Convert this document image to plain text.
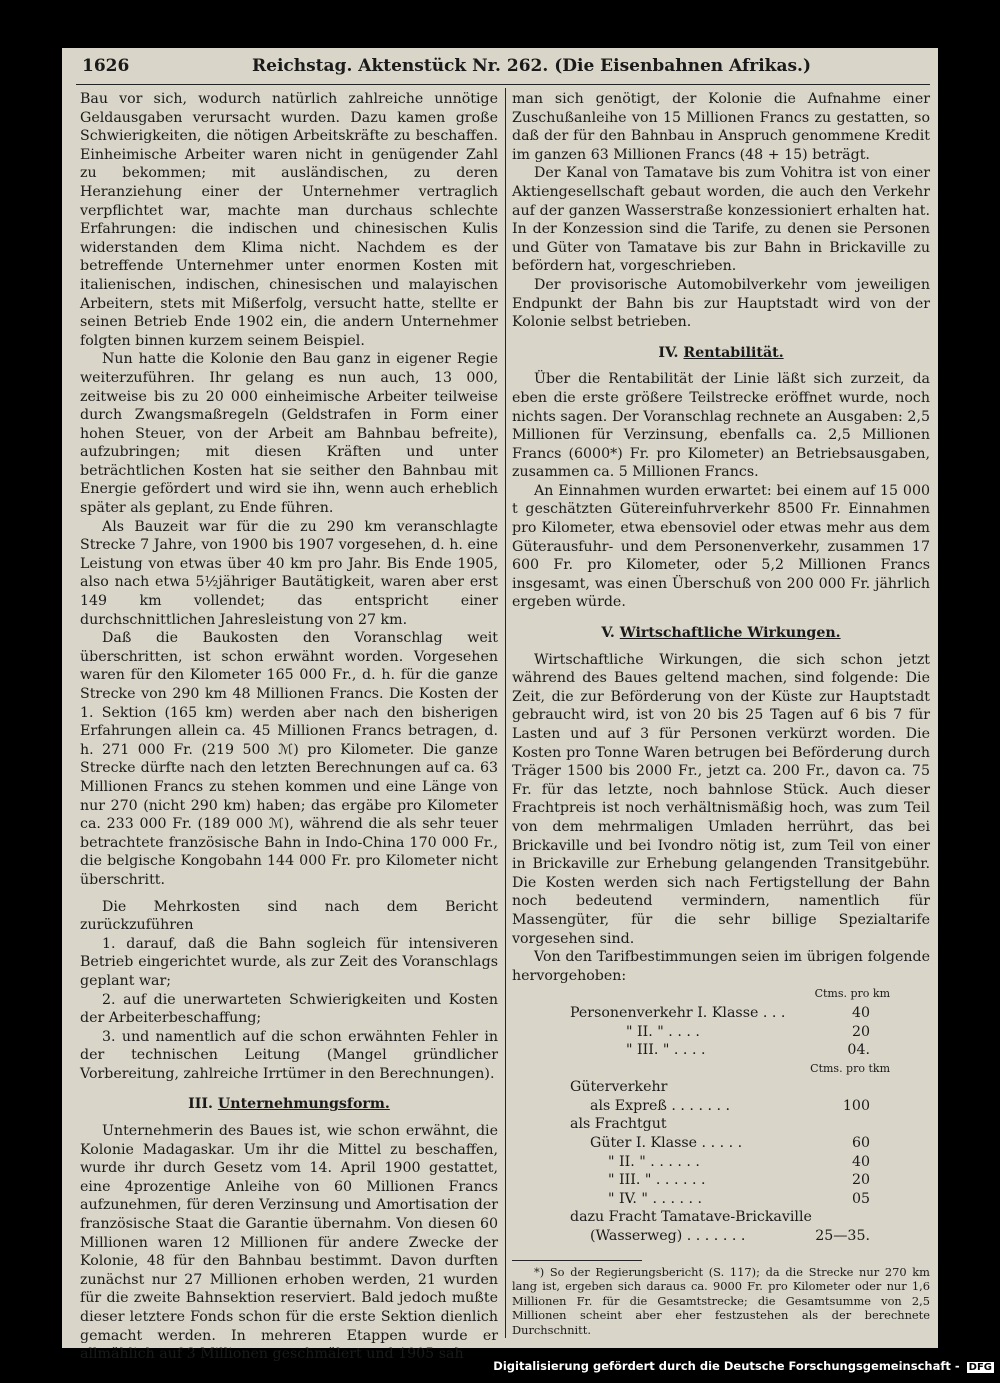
1626	Reichstag. Aktenstück Nr. 262. (Die Eisenbahnen Afrikas.)

Bau vor sich, wodurch natürlich zahlreiche unnötige Geldausgaben verursacht wurden. Dazu kamen große Schwierigkeiten, die nötigen Arbeitskräfte zu beschaffen. Einheimische Arbeiter waren nicht in genügender Zahl zu bekommen; mit ausländischen, zu deren Heranziehung einer der Unternehmer vertraglich verpflichtet war, machte man durchaus schlechte Erfahrungen: die indischen und chinesischen Kulis widerstanden dem Klima nicht. Nachdem es der betreffende Unternehmer unter enormen Kosten mit italienischen, indischen, chinesischen und malayischen Arbeitern, stets mit Mißerfolg, versucht hatte, stellte er seinen Betrieb Ende 1902 ein, die andern Unternehmer folgten binnen kurzem seinem Beispiel.

Nun hatte die Kolonie den Bau ganz in eigener Regie weiterzuführen. Ihr gelang es nun auch, 13 000, zeitweise bis zu 20 000 einheimische Arbeiter teilweise durch Zwangsmaßregeln (Geldstrafen in Form einer hohen Steuer, von der Arbeit am Bahnbau befreite), aufzubringen; mit diesen Kräften und unter beträchtlichen Kosten hat sie seither den Bahnbau mit Energie gefördert und wird sie ihn, wenn auch erheblich später als geplant, zu Ende führen.

Als Bauzeit war für die zu 290 km veranschlagte Strecke 7 Jahre, von 1900 bis 1907 vorgesehen, d. h. eine Leistung von etwas über 40 km pro Jahr. Bis Ende 1905, also nach etwa 5½jähriger Bautätigkeit, waren aber erst 149 km vollendet; das entspricht einer durchschnittlichen Jahresleistung von 27 km.

Daß die Baukosten den Voranschlag weit überschritten, ist schon erwähnt worden. Vorgesehen waren für den Kilometer 165 000 Fr., d. h. für die ganze Strecke von 290 km 48 Millionen Francs. Die Kosten der 1. Sektion (165 km) werden aber nach den bisherigen Erfahrungen allein ca. 45 Millionen Francs betragen, d. h. 271 000 Fr. (219 500 ℳ) pro Kilometer. Die ganze Strecke dürfte nach den letzten Berechnungen auf ca. 63 Millionen Francs zu stehen kommen und eine Länge von nur 270 (nicht 290 km) haben; das ergäbe pro Kilometer ca. 233 000 Fr. (189 000 ℳ), während die als sehr teuer betrachtete französische Bahn in Indo-China 170 000 Fr., die belgische Kongobahn 144 000 Fr. pro Kilometer nicht überschritt.

Die Mehrkosten sind nach dem Bericht zurückzuführen

1. darauf, daß die Bahn sogleich für intensiveren Betrieb eingerichtet wurde, als zur Zeit des Voranschlags geplant war;

2. auf die unerwarteten Schwierigkeiten und Kosten der Arbeiterbeschaffung;

3. und namentlich auf die schon erwähnten Fehler in der technischen Leitung (Mangel gründlicher Vorbereitung, zahlreiche Irrtümer in den Berechnungen).

III. Unternehmungsform.

Unternehmerin des Baues ist, wie schon erwähnt, die Kolonie Madagaskar. Um ihr die Mittel zu beschaffen, wurde ihr durch Gesetz vom 14. April 1900 gestattet, eine 4prozentige Anleihe von 60 Millionen Francs aufzunehmen, für deren Verzinsung und Amortisation der französische Staat die Garantie übernahm. Von diesen 60 Millionen waren 12 Millionen für andere Zwecke der Kolonie, 48 für den Bahnbau bestimmt. Davon durften zunächst nur 27 Millionen erhoben werden, 21 wurden für die zweite Bahnsektion reserviert. Bald jedoch mußte dieser letztere Fonds schon für die erste Sektion dienlich gemacht werden. In mehreren Etappen wurde er allmählich auf 3 Millionen geschmälert und 1905 sah

man sich genötigt, der Kolonie die Aufnahme einer Zuschußanleihe von 15 Millionen Francs zu gestatten, so daß der für den Bahnbau in Anspruch genommene Kredit im ganzen 63 Millionen Francs (48 + 15) beträgt.

Der Kanal von Tamatave bis zum Vohitra ist von einer Aktiengesellschaft gebaut worden, die auch den Verkehr auf der ganzen Wasserstraße konzessioniert erhalten hat. In der Konzession sind die Tarife, zu denen sie Personen und Güter von Tamatave bis zur Bahn in Brickaville zu befördern hat, vorgeschrieben.

Der provisorische Automobilverkehr vom jeweiligen Endpunkt der Bahn bis zur Hauptstadt wird von der Kolonie selbst betrieben.

IV. Rentabilität.

Über die Rentabilität der Linie läßt sich zurzeit, da eben die erste größere Teilstrecke eröffnet wurde, noch nichts sagen. Der Voranschlag rechnete an Ausgaben: 2,5 Millionen für Verzinsung, ebenfalls ca. 2,5 Millionen Francs (6000*) Fr. pro Kilometer) an Betriebsausgaben, zusammen ca. 5 Millionen Francs.

An Einnahmen wurden erwartet: bei einem auf 15 000 t geschätzten Gütereinfuhrverkehr 8500 Fr. Einnahmen pro Kilometer, etwa ebensoviel oder etwas mehr aus dem Güterausfuhr- und dem Personenverkehr, zusammen 17 600 Fr. pro Kilometer, oder 5,2 Millionen Francs insgesamt, was einen Überschuß von 200 000 Fr. jährlich ergeben würde.

V. Wirtschaftliche Wirkungen.

Wirtschaftliche Wirkungen, die sich schon jetzt während des Baues geltend machen, sind folgende: Die Zeit, die zur Beförderung von der Küste zur Hauptstadt gebraucht wird, ist von 20 bis 25 Tagen auf 6 bis 7 für Lasten und auf 3 für Personen verkürzt worden. Die Kosten pro Tonne Waren betrugen bei Beförderung durch Träger 1500 bis 2000 Fr., jetzt ca. 200 Fr., davon ca. 75 Fr. für das letzte, noch bahnlose Stück. Auch dieser Frachtpreis ist noch verhältnismäßig hoch, was zum Teil von dem mehrmaligen Umladen herrührt, das bei Brickaville und bei Ivondro nötig ist, zum Teil von einer in Brickaville zur Erhebung gelangenden Transitgebühr. Die Kosten werden sich nach Fertigstellung der Bahn noch bedeutend vermindern, namentlich für Massengüter, für die sehr billige Spezialtarife vorgesehen sind.

Von den Tarifbestimmungen seien im übrigen folgende hervorgehoben:

Ctms. pro km	
Personenverkehr I. Klasse . . .	40
" II. " . . . .	20
" III. " . . . .	04.
Ctms. pro tkm	
Güterverkehr	
als Expreß . . . . . . .	100
als Frachtgut	
Güter I. Klasse . . . . .	60
" II. " . . . . . .	40
" III. " . . . . . .	20
" IV. " . . . . . .	05
dazu Fracht Tamatave-Brickaville	
(Wasserweg) . . . . . . .	25—35.

*) So der Regierungsbericht (S. 117); da die Strecke nur 270 km lang ist, ergeben sich daraus ca. 9000 Fr. pro Kilometer oder nur 1,6 Millionen Fr. für die Gesamtstrecke; die Gesamtsumme von 2,5 Millionen scheint aber eher festzustehen als der berechnete Durchschnitt.

Digitalisierung gefördert durch die Deutsche Forschungsgemeinschaft - DFG
